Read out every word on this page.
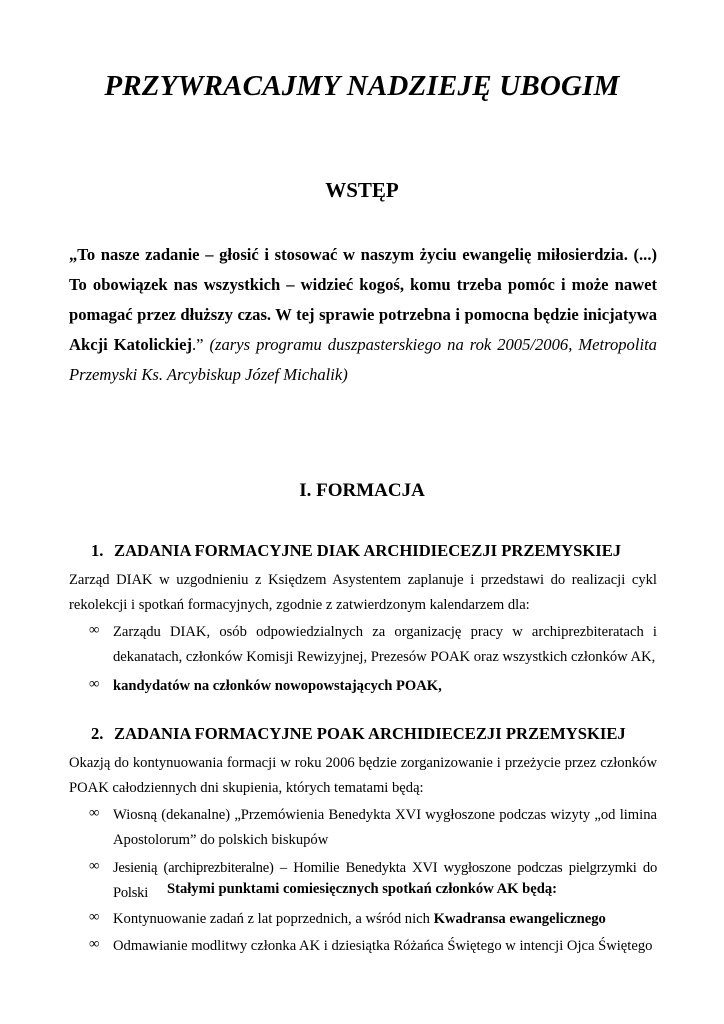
PRZYWRACAJMY NADZIEJĘ UBOGIM
WSTĘP
„To nasze zadanie – głosić i stosować w naszym życiu ewangelię miłosierdzia. (...) To obowiązek nas wszystkich – widzieć kogoś, komu trzeba pomóc i może nawet pomagać przez dłuższy czas. W tej sprawie potrzebna i pomocna będzie inicjatywa Akcji Katolickiej.” (zarys programu duszpasterskiego na rok 2005/2006, Metropolita Przemyski Ks. Arcybiskup Józef Michalik)
I. FORMACJA
1. ZADANIA FORMACYJNE DIAK ARCHIDIECEZJI PRZEMYSKIEJ
Zarząd DIAK w uzgodnieniu z Księdzem Asystentem zaplanuje i przedstawi do realizacji cykl rekolekcji i spotkań formacyjnych, zgodnie z zatwierdzonym kalendarzem dla:
∞ Zarządu DIAK, osób odpowiedzialnych za organizację pracy w archiprezbiteratach i dekanatach, członków Komisji Rewizyjnej, Prezesów POAK oraz wszystkich członków AK,
∞ kandydatów na członków nowopowstających POAK,
2. ZADANIA FORMACYJNE POAK ARCHIDIECEZJI PRZEMYSKIEJ
Okazją do kontynuowania formacji w roku 2006 będzie zorganizowanie i przeżycie przez członków POAK całodziennych dni skupienia, których tematami będą:
∞ Wiosną (dekanalne) „Przemówienia Benedykta XVI wygłoszone podczas wizyty „od limina Apostolorum” do polskich biskupów
∞ Jesienią (archiprezbiteralne) – Homilie Benedykta XVI wygłoszone podczas pielgrzymki do Polski	Stałymi punktami comiesięcznych spotkań członków AK będą:
∞ Kontynuowanie zadań z lat poprzednich, a wśród nich Kwadransa ewangelicznego
∞ Odmawianie modlitwy członka AK i dziesiątka Różańca Świętego w intencji Ojca Świętego
